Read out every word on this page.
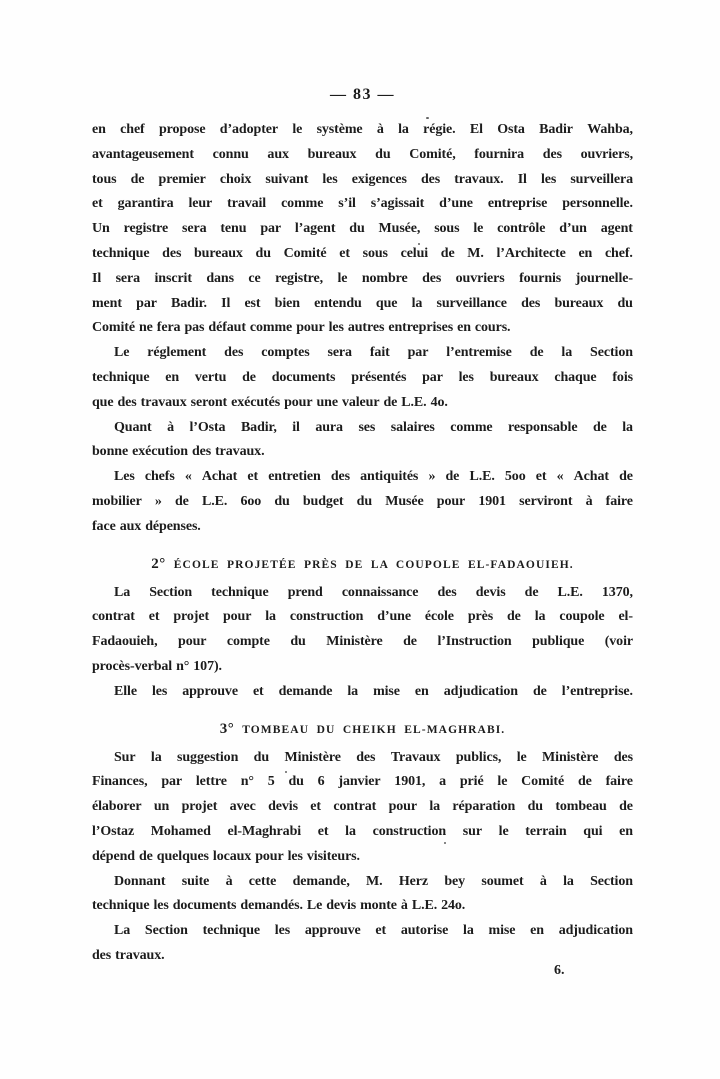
— 83 —
en chef propose d’adopter le système à la régie. El Osta Badir Wahba,
avantageusement connu aux bureaux du Comité, fournira des ouvriers,
tous de premier choix suivant les exigences des travaux. Il les surveillera
et garantira leur travail comme s’il s’agissait d’une entreprise personnelle.
Un registre sera tenu par l’agent du Musée, sous le contrôle d’un agent
technique des bureaux du Comité et sous celui de M. l’Architecte en chef.
Il sera inscrit dans ce registre, le nombre des ouvriers fournis journelle-
ment par Badir. Il est bien entendu que la surveillance des bureaux du
Comité ne fera pas défaut comme pour les autres entreprises en cours.
Le réglement des comptes sera fait par l’entremise de la Section
technique en vertu de documents présentés par les bureaux chaque fois
que des travaux seront exécutés pour une valeur de L.E. 4o.
Quant à l’Osta Badir, il aura ses salaires comme responsable de la
bonne exécution des travaux.
Les chefs « Achat et entretien des antiquités » de L.E. 5oo et « Achat de
mobilier » de L.E. 6oo du budget du Musée pour 1901 serviront à faire
face aux dépenses.
2° ÉCOLE PROJETÉE PRÈS DE LA COUPOLE EL-FADAOUIEH.
La Section technique prend connaissance des devis de L.E. 1370,
contrat et projet pour la construction d’une école près de la coupole el-
Fadaouieh, pour compte du Ministère de l’Instruction publique (voir
procès-verbal n° 107).
Elle les approuve et demande la mise en adjudication de l’entreprise.
3° TOMBEAU DU CHEIKH EL-MAGHRABI.
Sur la suggestion du Ministère des Travaux publics, le Ministère des
Finances, par lettre n° 5 du 6 janvier 1901, a prié le Comité de faire
élaborer un projet avec devis et contrat pour la réparation du tombeau de
l’Ostaz Mohamed el-Maghrabi et la construction sur le terrain qui en
dépend de quelques locaux pour les visiteurs.
Donnant suite à cette demande, M. Herz bey soumet à la Section
technique les documents demandés. Le devis monte à L.E. 24o.
La Section technique les approuve et autorise la mise en adjudication
des travaux.
6.
